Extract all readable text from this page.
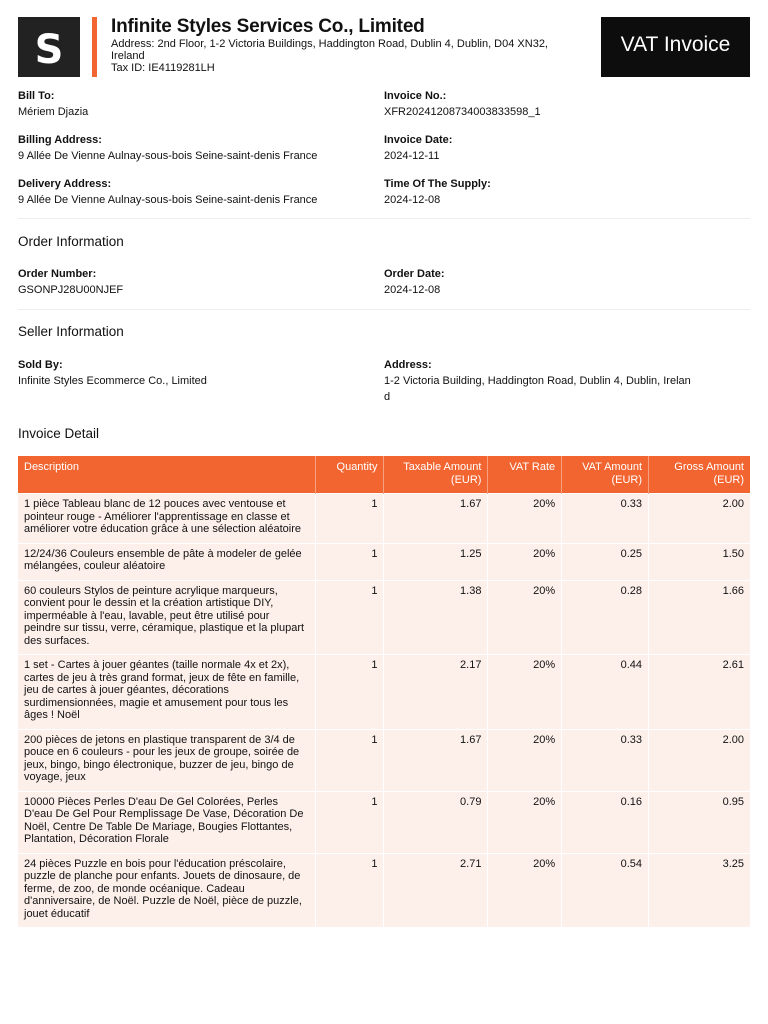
S
Infinite Styles Services Co., Limited
Address: 2nd Floor, 1-2 Victoria Buildings, Haddington Road, Dublin 4, Dublin, D04 XN32,
Ireland
Tax ID: IE4119281LH
VAT Invoice
Bill To:
Mériem Djazia
Invoice No.:
XFR20241208734003833598_1
Billing Address:
9 Allée De Vienne Aulnay-sous-bois Seine-saint-denis France
Invoice Date:
2024-12-11
Delivery Address:
9 Allée De Vienne Aulnay-sous-bois Seine-saint-denis France
Time Of The Supply:
2024-12-08
Order Information
Order Number:
GSONPJ28U00NJEF
Order Date:
2024-12-08
Seller Information
Sold By:
Infinite Styles Ecommerce Co., Limited
Address:
1-2 Victoria Building, Haddington Road, Dublin 4, Dublin, Irelan
d
Invoice Detail
Description	Quantity	Taxable Amount (EUR)	VAT Rate	VAT Amount (EUR)	Gross Amount (EUR)
1 pièce Tableau blanc de 12 pouces avec ventouse et pointeur rouge - Améliorer l'apprentissage en classe et améliorer votre éducation grâce à une sélection aléatoire	1	1.67	20%	0.33	2.00
12/24/36 Couleurs ensemble de pâte à modeler de gelée mélangées, couleur aléatoire	1	1.25	20%	0.25	1.50
60 couleurs Stylos de peinture acrylique marqueurs, convient pour le dessin et la création artistique DIY, imperméable à l'eau, lavable, peut être utilisé pour peindre sur tissu, verre, céramique, plastique et la plupart des surfaces.	1	1.38	20%	0.28	1.66
1 set - Cartes à jouer géantes (taille normale 4x et 2x), cartes de jeu à très grand format, jeux de fête en famille, jeu de cartes à jouer géantes, décorations surdimensionnées, magie et amusement pour tous les âges ! Noël	1	2.17	20%	0.44	2.61
200 pièces de jetons en plastique transparent de 3/4 de pouce en 6 couleurs - pour les jeux de groupe, soirée de jeux, bingo, bingo électronique, buzzer de jeu, bingo de voyage, jeux	1	1.67	20%	0.33	2.00
10000 Pièces Perles D'eau De Gel Colorées, Perles D'eau De Gel Pour Remplissage De Vase, Décoration De Noël, Centre De Table De Mariage, Bougies Flottantes, Plantation, Décoration Florale	1	0.79	20%	0.16	0.95
24 pièces Puzzle en bois pour l'éducation préscolaire, puzzle de planche pour enfants. Jouets de dinosaure, de ferme, de zoo, de monde océanique. Cadeau d'anniversaire, de Noël. Puzzle de Noël, pièce de puzzle, jouet éducatif	1	2.71	20%	0.54	3.25
